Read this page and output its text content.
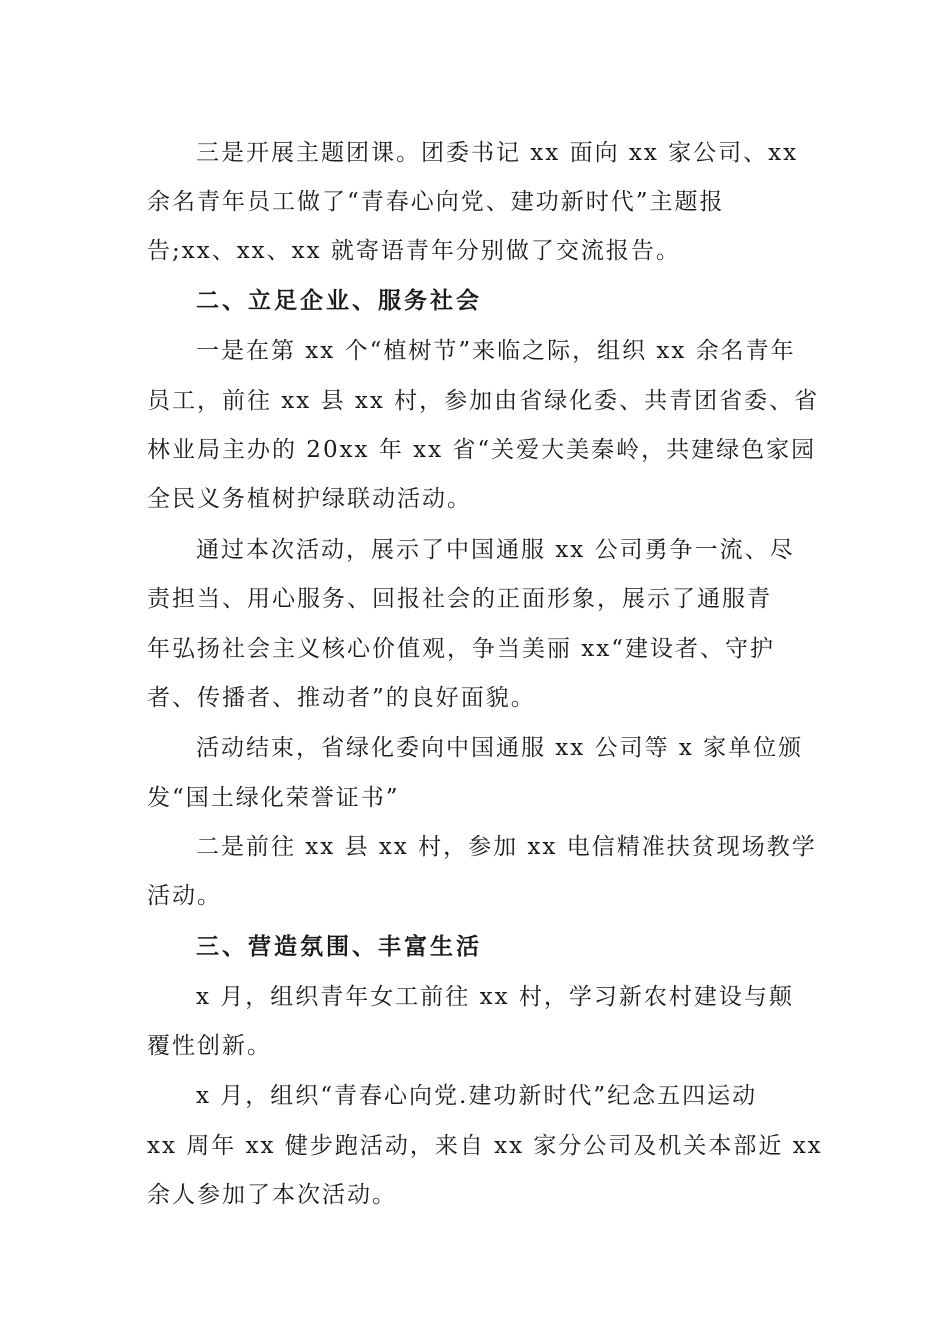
三是开展主题团课。团委书记 xx 面向 xx 家公司、xx
余名青年员工做了“青春心向党、建功新时代”主题报
告;xx、xx、xx 就寄语青年分别做了交流报告。
二、立足企业、服务社会
一是在第 xx 个“植树节”来临之际，组织 xx 余名青年
员工，前往 xx 县 xx 村，参加由省绿化委、共青团省委、省
林业局主办的 20xx 年 xx 省“关爱大美秦岭，共建绿色家园
全民义务植树护绿联动活动。
通过本次活动，展示了中国通服 xx 公司勇争一流、尽
责担当、用心服务、回报社会的正面形象，展示了通服青
年弘扬社会主义核心价值观，争当美丽 xx“建设者、守护
者、传播者、推动者”的良好面貌。
活动结束，省绿化委向中国通服 xx 公司等 x 家单位颁
发“国土绿化荣誉证书”
二是前往 xx 县 xx 村，参加 xx 电信精准扶贫现场教学
活动。
三、营造氛围、丰富生活
x 月，组织青年女工前往 xx 村，学习新农村建设与颠
覆性创新。
x 月，组织“青春心向党.建功新时代”纪念五四运动
xx 周年 xx 健步跑活动，来自 xx 家分公司及机关本部近 xx
余人参加了本次活动。
